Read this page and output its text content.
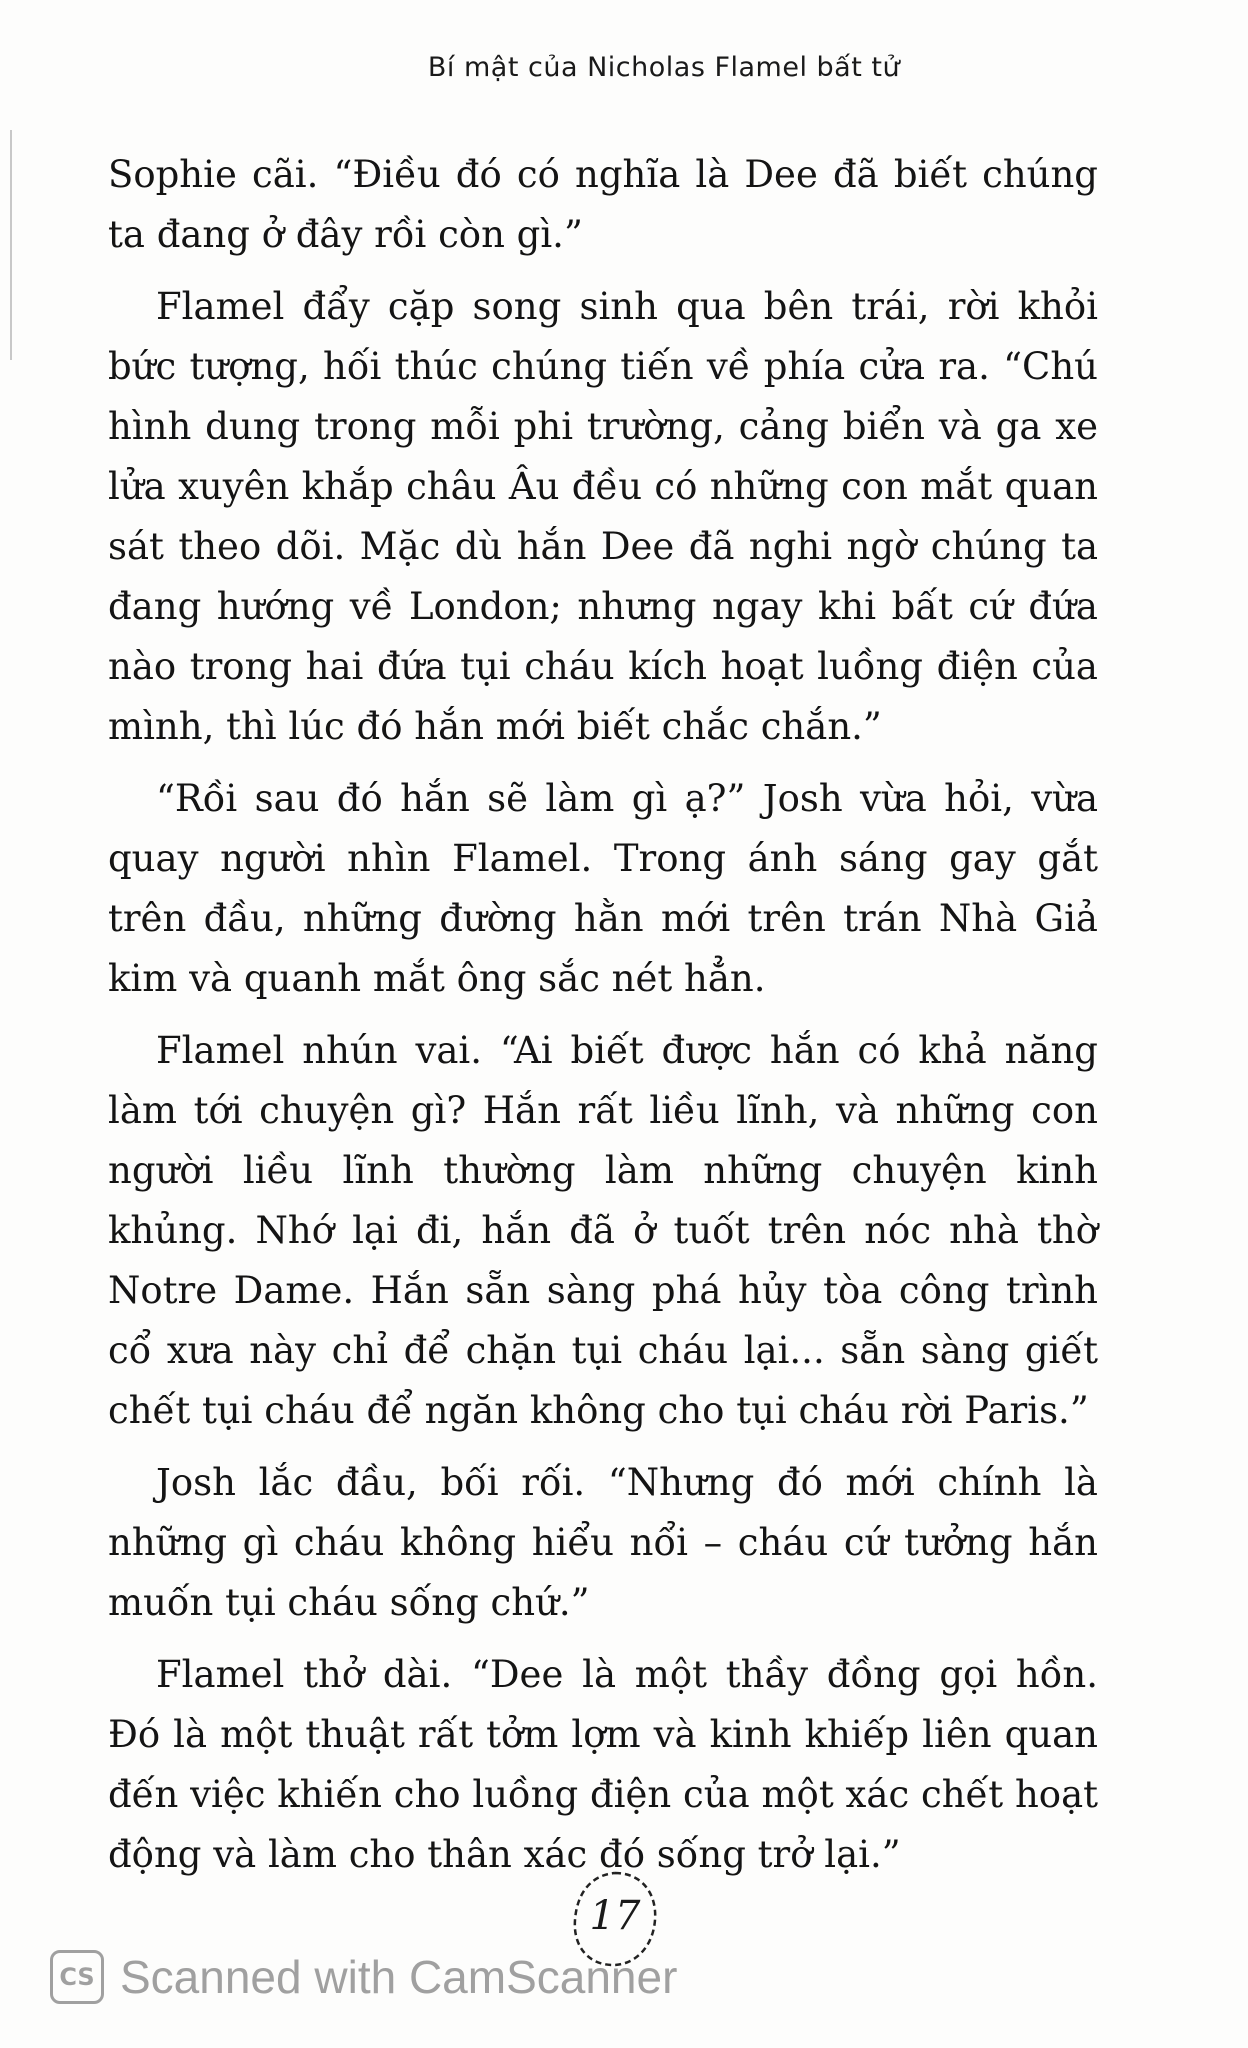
Bí mật của Nicholas Flamel bất tử

Sophie cãi. “Điều đó có nghĩa là Dee đã biết chúng ta đang ở đây rồi còn gì.”

Flamel đẩy cặp song sinh qua bên trái, rời khỏi bức tượng, hối thúc chúng tiến về phía cửa ra. “Chú hình dung trong mỗi phi trường, cảng biển và ga xe lửa xuyên khắp châu Âu đều có những con mắt quan sát theo dõi. Mặc dù hắn Dee đã nghi ngờ chúng ta đang hướng về London; nhưng ngay khi bất cứ đứa nào trong hai đứa tụi cháu kích hoạt luồng điện của mình, thì lúc đó hắn mới biết chắc chắn.”

“Rồi sau đó hắn sẽ làm gì ạ?” Josh vừa hỏi, vừa quay người nhìn Flamel. Trong ánh sáng gay gắt trên đầu, những đường hằn mới trên trán Nhà Giả kim và quanh mắt ông sắc nét hẳn.

Flamel nhún vai. “Ai biết được hắn có khả năng làm tới chuyện gì? Hắn rất liều lĩnh, và những con người liều lĩnh thường làm những chuyện kinh khủng. Nhớ lại đi, hắn đã ở tuốt trên nóc nhà thờ Notre Dame. Hắn sẵn sàng phá hủy tòa công trình cổ xưa này chỉ để chặn tụi cháu lại... sẵn sàng giết chết tụi cháu để ngăn không cho tụi cháu rời Paris.”

Josh lắc đầu, bối rối. “Nhưng đó mới chính là những gì cháu không hiểu nổi – cháu cứ tưởng hắn muốn tụi cháu sống chứ.”

Flamel thở dài. “Dee là một thầy đồng gọi hồn. Đó là một thuật rất tởm lợm và kinh khiếp liên quan đến việc khiến cho luồng điện của một xác chết hoạt động và làm cho thân xác đó sống trở lại.”

17
CS Scanned with CamScanner
